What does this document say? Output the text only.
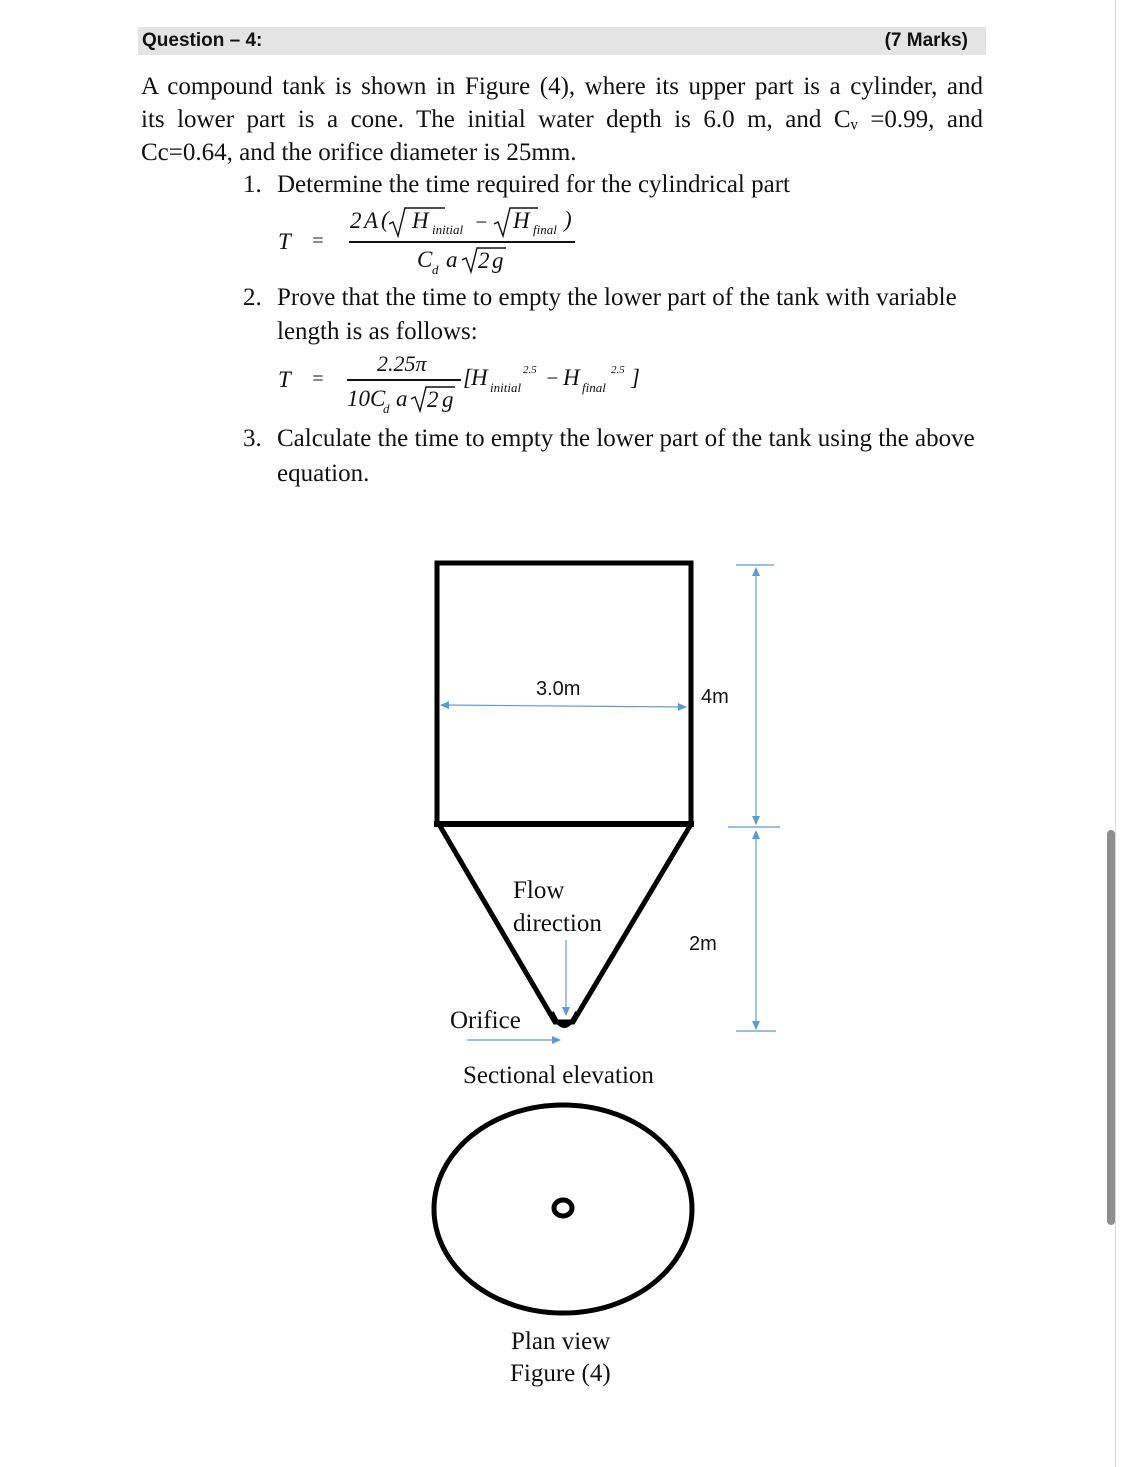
Question – 4:	(7 Marks)
A compound tank is shown in Figure (4), where its upper part is a cylinder, and
its lower part is a cone. The initial water depth is 6.0 m, and Cᵥ =0.99, and
Cc=0.64, and the orifice diameter is 25mm.
1. Determine the time required for the cylindrical part
T =
2 A ( H initial − H final )
C d a 2 g
2. Prove that the time to empty the lower part of the tank with variable
length is as follows:
T =
2.25π
10C
d a 2 g
[ H initial
2.5 − H final
2.5 ]
3. Calculate the time to empty the lower part of the tank using the above
equation.
3.0m	4m
2m
Flow
direction
Orifice
Sectional elevation
Plan view
Figure (4)
